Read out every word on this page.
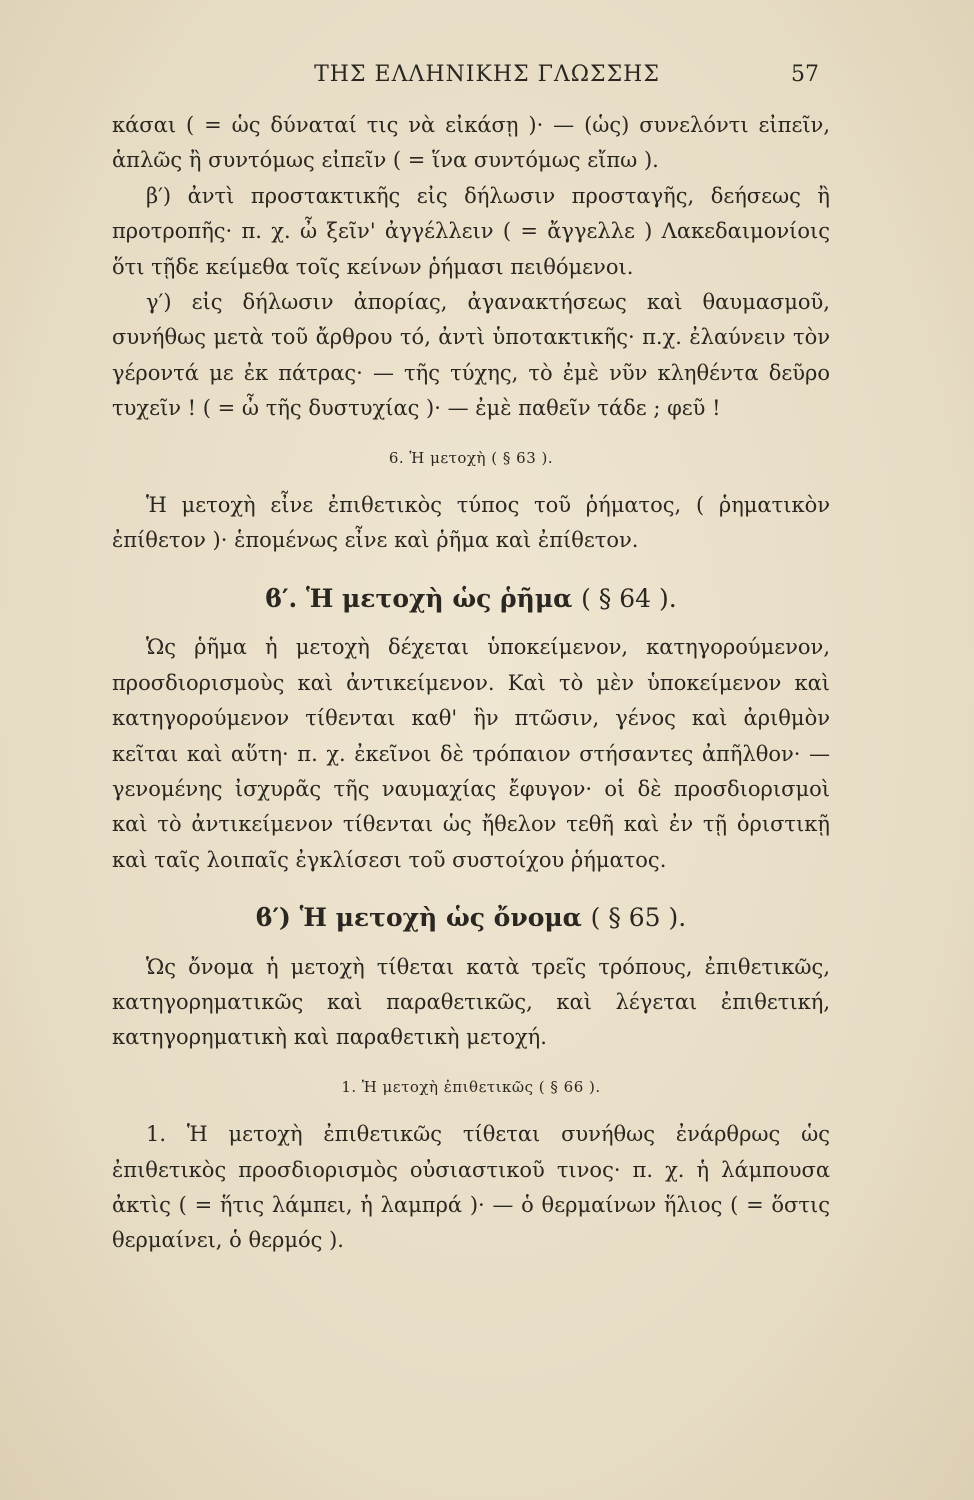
ΤΗΣ ΕΛΛΗΝΙΚΗΣ ΓΛΩΣΣΗΣ	57

κάσαι ( = ὡς δύναταί τις νὰ εἰκάσῃ )· — (ὡς) συνελόντι εἰπεῖν, ἁπλῶς ἢ συντόμως εἰπεῖν ( = ἵνα συντόμως εἴπω ).

β′) ἀντὶ προστακτικῆς εἰς δήλωσιν προσταγῆς, δεήσεως ἢ προτροπῆς· π. χ. ὦ ξεῖν' ἀγγέλλειν ( = ἄγγελλε ) Λακεδαιμονίοις ὅτι τῇδε κείμεθα τοῖς κείνων ῥήμασι πειθόμενοι.

γ′) εἰς δήλωσιν ἀπορίας, ἀγανακτήσεως καὶ θαυμασμοῦ, συνήθως μετὰ τοῦ ἄρθρου τό, ἀντὶ ὑποτακτικῆς· π.χ. ἐλαύνειν τὸν γέροντά με ἐκ πάτρας· — τῆς τύχης, τὸ ἐμὲ νῦν κληθέντα δεῦρο τυχεῖν ! ( = ὦ τῆς δυστυχίας )· — ἐμὲ παθεῖν τάδε ; φεῦ !

6. Ἡ μετοχὴ ( § 63 ).

Ἡ μετοχὴ εἶνε ἐπιθετικὸς τύπος τοῦ ῥήματος, ( ῥηματικὸν ἐπίθετον )· ἑπομένως εἶνε καὶ ῥῆμα καὶ ἐπίθετον.

ϐ′. Ἡ μετοχὴ ὡς ῥῆμα ( § 64 ).

Ὡς ῥῆμα ἡ μετοχὴ δέχεται ὑποκείμενον, κατηγορούμενον, προσδιορισμοὺς καὶ ἀντικείμενον. Καὶ τὸ μὲν ὑποκείμενον καὶ κατηγορούμενον τίθενται καθ' ἣν πτῶσιν, γένος καὶ ἀριθμὸν κεῖται καὶ αὕτη· π. χ. ἐκεῖνοι δὲ τρόπαιον στήσαντες ἀπῆλθον· — γενομένης ἰσχυρᾶς τῆς ναυμαχίας ἔφυγον· οἱ δὲ προσδιορισμοὶ καὶ τὸ ἀντικείμενον τίθενται ὡς ἤθελον τεθῆ καὶ ἐν τῇ ὁριστικῇ καὶ ταῖς λοιπαῖς ἐγκλίσεσι τοῦ συστοίχου ῥήματος.

ϐ′) Ἡ μετοχὴ ὡς ὄνομα ( § 65 ).

Ὡς ὄνομα ἡ μετοχὴ τίθεται κατὰ τρεῖς τρόπους, ἐπιθετικῶς, κατηγορηματικῶς καὶ παραθετικῶς, καὶ λέγεται ἐπιθετική, κατηγορηματικὴ καὶ παραθετικὴ μετοχή.

1. Ἡ μετοχὴ ἐπιθετικῶς ( § 66 ).

1. Ἡ μετοχὴ ἐπιθετικῶς τίθεται συνήθως ἐνάρθρως ὡς ἐπιθετικὸς προσδιορισμὸς οὐσιαστικοῦ τινος· π. χ. ἡ λάμπουσα ἀκτὶς ( = ἥτις λάμπει, ἡ λαμπρά )· — ὁ θερμαίνων ἥλιος ( = ὅστις θερμαίνει, ὁ θερμός ).
